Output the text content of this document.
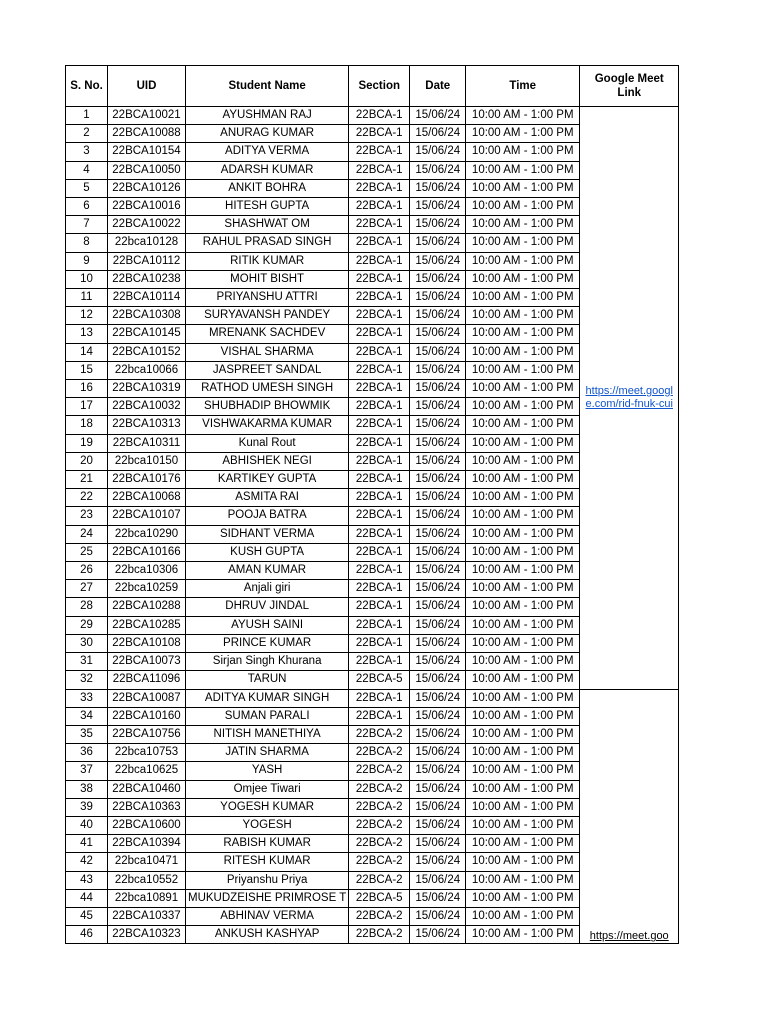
S. No.	UID	Student Name	Section	Date	Time	Google Meet Link
1	22BCA10021	AYUSHMAN RAJ	22BCA-1	15/06/24	10:00 AM - 1:00 PM	https://meet.google.com/rid-fnuk-cui
2	22BCA10088	ANURAG KUMAR	22BCA-1	15/06/24	10:00 AM - 1:00 PM	
3	22BCA10154	ADITYA VERMA	22BCA-1	15/06/24	10:00 AM - 1:00 PM	
4	22BCA10050	ADARSH KUMAR	22BCA-1	15/06/24	10:00 AM - 1:00 PM	
5	22BCA10126	ANKIT BOHRA	22BCA-1	15/06/24	10:00 AM - 1:00 PM	
6	22BCA10016	HITESH GUPTA	22BCA-1	15/06/24	10:00 AM - 1:00 PM	
7	22BCA10022	SHASHWAT OM	22BCA-1	15/06/24	10:00 AM - 1:00 PM	
8	22bca10128	RAHUL PRASAD SINGH	22BCA-1	15/06/24	10:00 AM - 1:00 PM	
9	22BCA10112	RITIK KUMAR	22BCA-1	15/06/24	10:00 AM - 1:00 PM	
10	22BCA10238	MOHIT BISHT	22BCA-1	15/06/24	10:00 AM - 1:00 PM	
11	22BCA10114	PRIYANSHU ATTRI	22BCA-1	15/06/24	10:00 AM - 1:00 PM	
12	22BCA10308	SURYAVANSH PANDEY	22BCA-1	15/06/24	10:00 AM - 1:00 PM	
13	22BCA10145	MRENANK SACHDEV	22BCA-1	15/06/24	10:00 AM - 1:00 PM	
14	22BCA10152	VISHAL SHARMA	22BCA-1	15/06/24	10:00 AM - 1:00 PM	
15	22bca10066	JASPREET SANDAL	22BCA-1	15/06/24	10:00 AM - 1:00 PM	
16	22BCA10319	RATHOD UMESH SINGH	22BCA-1	15/06/24	10:00 AM - 1:00 PM	
17	22BCA10032	SHUBHADIP BHOWMIK	22BCA-1	15/06/24	10:00 AM - 1:00 PM	
18	22BCA10313	VISHWAKARMA KUMAR	22BCA-1	15/06/24	10:00 AM - 1:00 PM	
19	22BCA10311	Kunal Rout	22BCA-1	15/06/24	10:00 AM - 1:00 PM	
20	22bca10150	ABHISHEK NEGI	22BCA-1	15/06/24	10:00 AM - 1:00 PM	
21	22BCA10176	KARTIKEY GUPTA	22BCA-1	15/06/24	10:00 AM - 1:00 PM	
22	22BCA10068	ASMITA RAI	22BCA-1	15/06/24	10:00 AM - 1:00 PM	
23	22BCA10107	POOJA BATRA	22BCA-1	15/06/24	10:00 AM - 1:00 PM	
24	22bca10290	SIDHANT VERMA	22BCA-1	15/06/24	10:00 AM - 1:00 PM	
25	22BCA10166	KUSH GUPTA	22BCA-1	15/06/24	10:00 AM - 1:00 PM	
26	22bca10306	AMAN KUMAR	22BCA-1	15/06/24	10:00 AM - 1:00 PM	
27	22bca10259	Anjali giri	22BCA-1	15/06/24	10:00 AM - 1:00 PM	
28	22BCA10288	DHRUV JINDAL	22BCA-1	15/06/24	10:00 AM - 1:00 PM	
29	22BCA10285	AYUSH SAINI	22BCA-1	15/06/24	10:00 AM - 1:00 PM	
30	22BCA10108	PRINCE KUMAR	22BCA-1	15/06/24	10:00 AM - 1:00 PM	
31	22BCA10073	Sirjan Singh Khurana	22BCA-1	15/06/24	10:00 AM - 1:00 PM	
32	22BCA11096	TARUN	22BCA-5	15/06/24	10:00 AM - 1:00 PM	
33	22BCA10087	ADITYA KUMAR SINGH	22BCA-1	15/06/24	10:00 AM - 1:00 PM	https://meet.goo
34	22BCA10160	SUMAN PARALI	22BCA-1	15/06/24	10:00 AM - 1:00 PM	
35	22BCA10756	NITISH MANETHIYA	22BCA-2	15/06/24	10:00 AM - 1:00 PM	
36	22bca10753	JATIN SHARMA	22BCA-2	15/06/24	10:00 AM - 1:00 PM	
37	22bca10625	YASH	22BCA-2	15/06/24	10:00 AM - 1:00 PM	
38	22BCA10460	Omjee Tiwari	22BCA-2	15/06/24	10:00 AM - 1:00 PM	
39	22BCA10363	YOGESH KUMAR	22BCA-2	15/06/24	10:00 AM - 1:00 PM	
40	22BCA10600	YOGESH	22BCA-2	15/06/24	10:00 AM - 1:00 PM	
41	22BCA10394	RABISH KUMAR	22BCA-2	15/06/24	10:00 AM - 1:00 PM	
42	22bca10471	RITESH KUMAR	22BCA-2	15/06/24	10:00 AM - 1:00 PM	
43	22bca10552	Priyanshu Priya	22BCA-2	15/06/24	10:00 AM - 1:00 PM	
44	22bca10891	MUKUDZEISHE PRIMROSE T	22BCA-5	15/06/24	10:00 AM - 1:00 PM	
45	22BCA10337	ABHINAV VERMA	22BCA-2	15/06/24	10:00 AM - 1:00 PM	
46	22BCA10323	ANKUSH KASHYAP	22BCA-2	15/06/24	10:00 AM - 1:00 PM	
